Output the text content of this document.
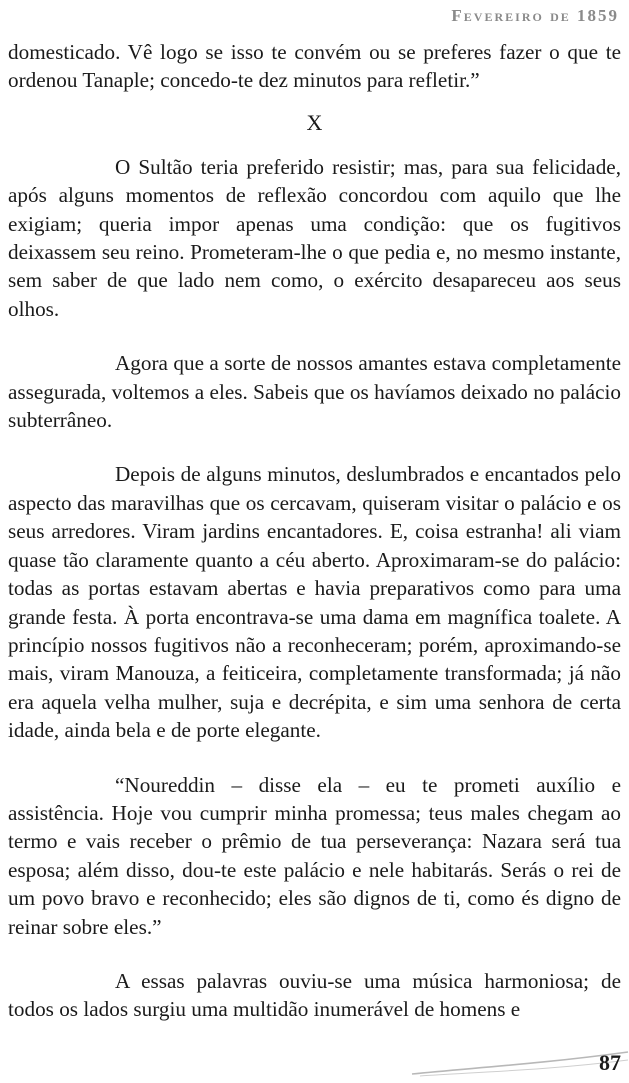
Fevereiro de 1859

domesticado. Vê logo se isso te convém ou se preferes fazer o que te ordenou Tanaple; concedo-te dez minutos para refletir.”

X

O Sultão teria preferido resistir; mas, para sua felicidade, após alguns momentos de reflexão concordou com aquilo que lhe exigiam; queria impor apenas uma condição: que os fugitivos deixassem seu reino. Prometeram-lhe o que pedia e, no mesmo instante, sem saber de que lado nem como, o exército desapareceu aos seus olhos.

Agora que a sorte de nossos amantes estava completamente assegurada, voltemos a eles. Sabeis que os havíamos deixado no palácio subterrâneo.

Depois de alguns minutos, deslumbrados e encantados pelo aspecto das maravilhas que os cercavam, quiseram visitar o palácio e os seus arredores. Viram jardins encantadores. E, coisa estranha! ali viam quase tão claramente quanto a céu aberto. Aproximaram-se do palácio: todas as portas estavam abertas e havia preparativos como para uma grande festa. À porta encontrava-se uma dama em magnífica toalete. A princípio nossos fugitivos não a reconheceram; porém, aproximando-se mais, viram Manouza, a feiticeira, completamente transformada; já não era aquela velha mulher, suja e decrépita, e sim uma senhora de certa idade, ainda bela e de porte elegante.

“Noureddin – disse ela – eu te prometi auxílio e assistência. Hoje vou cumprir minha promessa; teus males chegam ao termo e vais receber o prêmio de tua perseverança: Nazara será tua esposa; além disso, dou-te este palácio e nele habitarás. Serás o rei de um povo bravo e reconhecido; eles são dignos de ti, como és digno de reinar sobre eles.”

A essas palavras ouviu-se uma música harmoniosa; de todos os lados surgiu uma multidão inumerável de homens e

87
